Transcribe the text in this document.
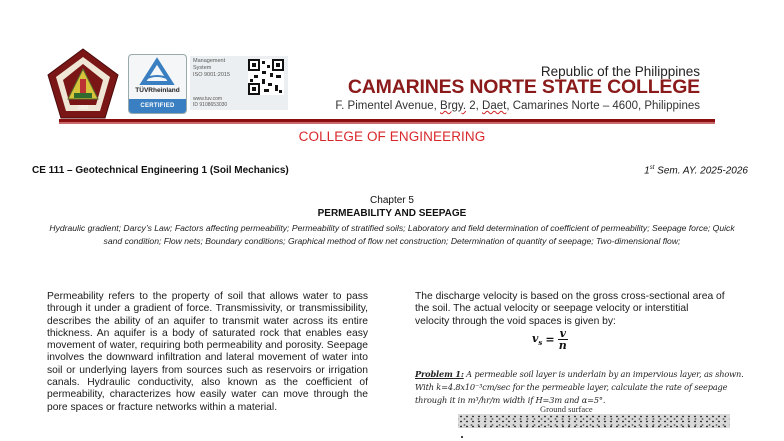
1992
TÜVRheinland
CERTIFIED
Management System
ISO 9001:2015
www.tuv.com
ID 9108653030
Republic of the Philippines
CAMARINES NORTE STATE COLLEGE
F. Pimentel Avenue, Brgy. 2, Daet, Camarines Norte – 4600, Philippines
COLLEGE OF ENGINEERING
CE 111 – Geotechnical Engineering 1 (Soil Mechanics)	1st Sem. AY. 2025-2026
Chapter 5
PERMEABILITY AND SEEPAGE
Hydraulic gradient; Darcy’s Law; Factors affecting permeability; Permeability of stratified soils; Laboratory and field determination of coefficient of permeability; Seepage force; Quick sand condition; Flow nets; Boundary conditions; Graphical method of flow net construction; Determination of quantity of seepage; Two-dimensional flow;
Permeability refers to the property of soil that allows water to pass through it under a gradient of force. Transmissivity, or transmissibility, describes the ability of an aquifer to transmit water across its entire thickness. An aquifer is a body of saturated rock that enables easy movement of water, requiring both permeability and porosity. Seepage involves the downward infiltration and lateral movement of water into soil or underlying layers from sources such as reservoirs or irrigation canals. Hydraulic conductivity, also known as the coefficient of permeability, characterizes how easily water can move through the pore spaces or fracture networks within a material.
The discharge velocity is based on the gross cross-sectional area of the soil. The actual velocity or seepage velocity or interstitial velocity through the void spaces is given by:
$v_s = \frac{v}{n}$
Problem 1: A permeable soil layer is underlain by an impervious layer, as shown. With k=4.8x10⁻³cm/sec for the permeable layer, calculate the rate of seepage through it in m³/hr/m width if H=3m and α=5°.
Ground surface
